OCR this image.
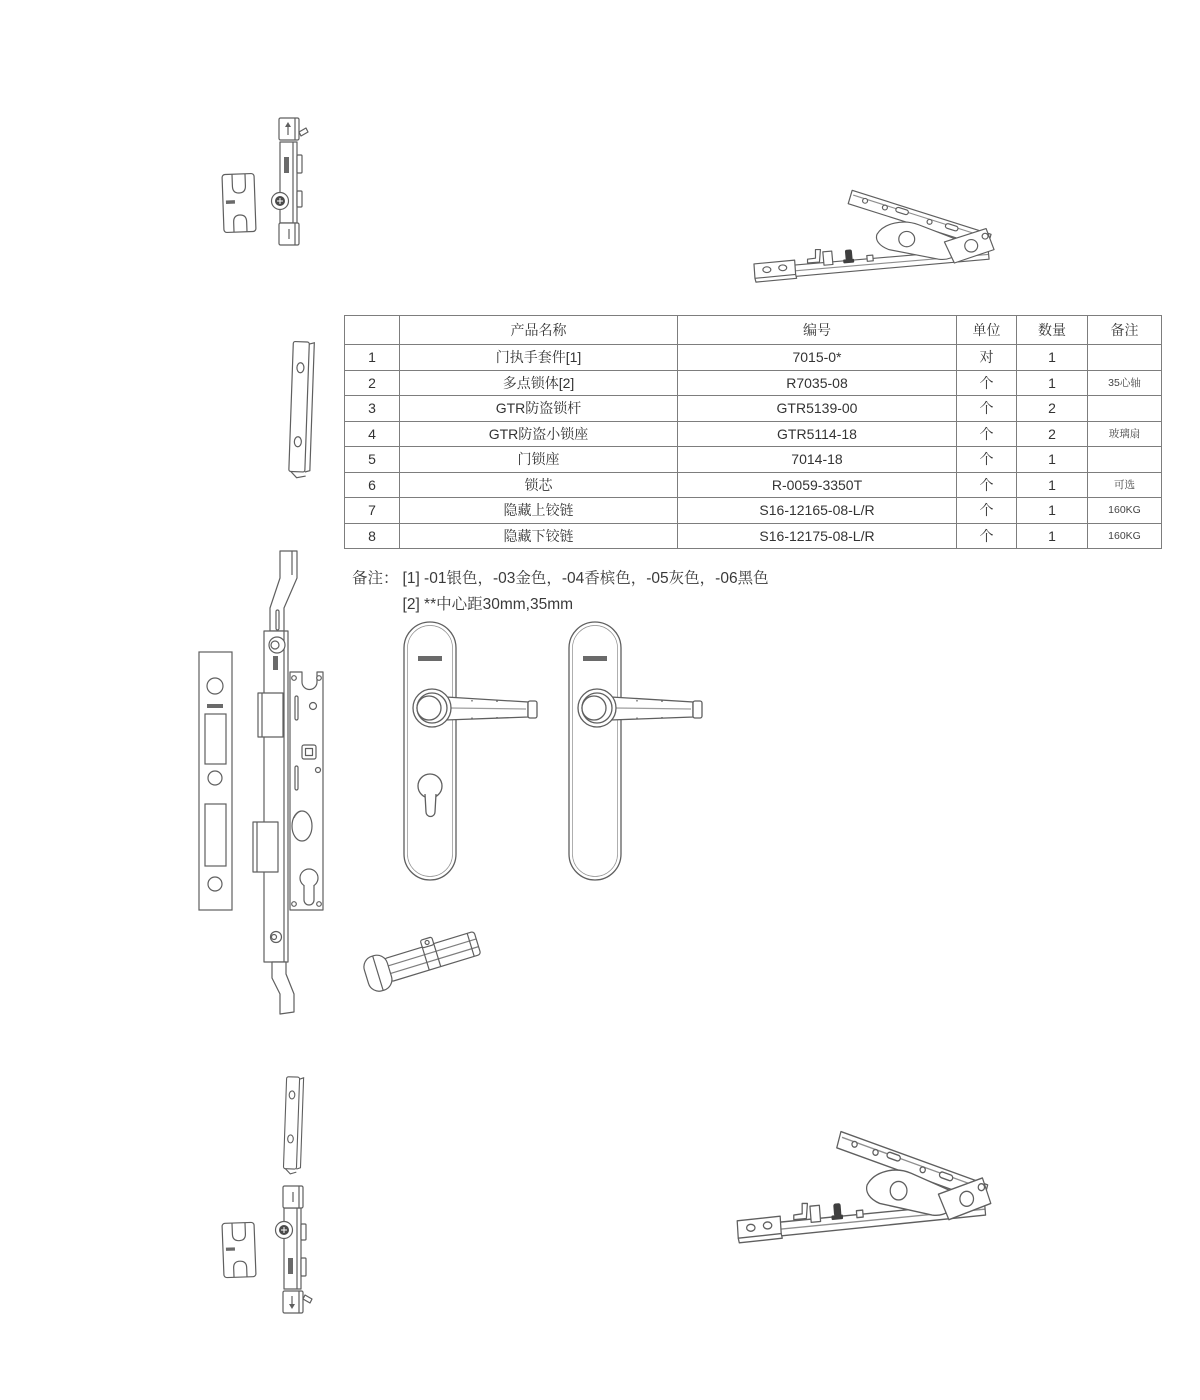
	产品名称	编号	单位	数量	备注
1	门执手套件[1]	7015-0*	对	1	
2	多点锁体[2]	R7035-08	个	1	35心轴
3	GTR防盗锁杆	GTR5139-00	个	2	
4	GTR防盗小锁座	GTR5114-18	个	2	玻璃扇
5	门锁座	7014-18	个	1	
6	锁芯	R-0059-3350T	个	1	可选
7	隐藏上铰链	S16-12165-08-L/R	个	1	160KG
8	隐藏下铰链	S16-12175-08-L/R	个	1	160KG
备注： [1] -01银色，-03金色，-04香槟色，-05灰色，-06黑色
[2] **中心距30mm,35mm
